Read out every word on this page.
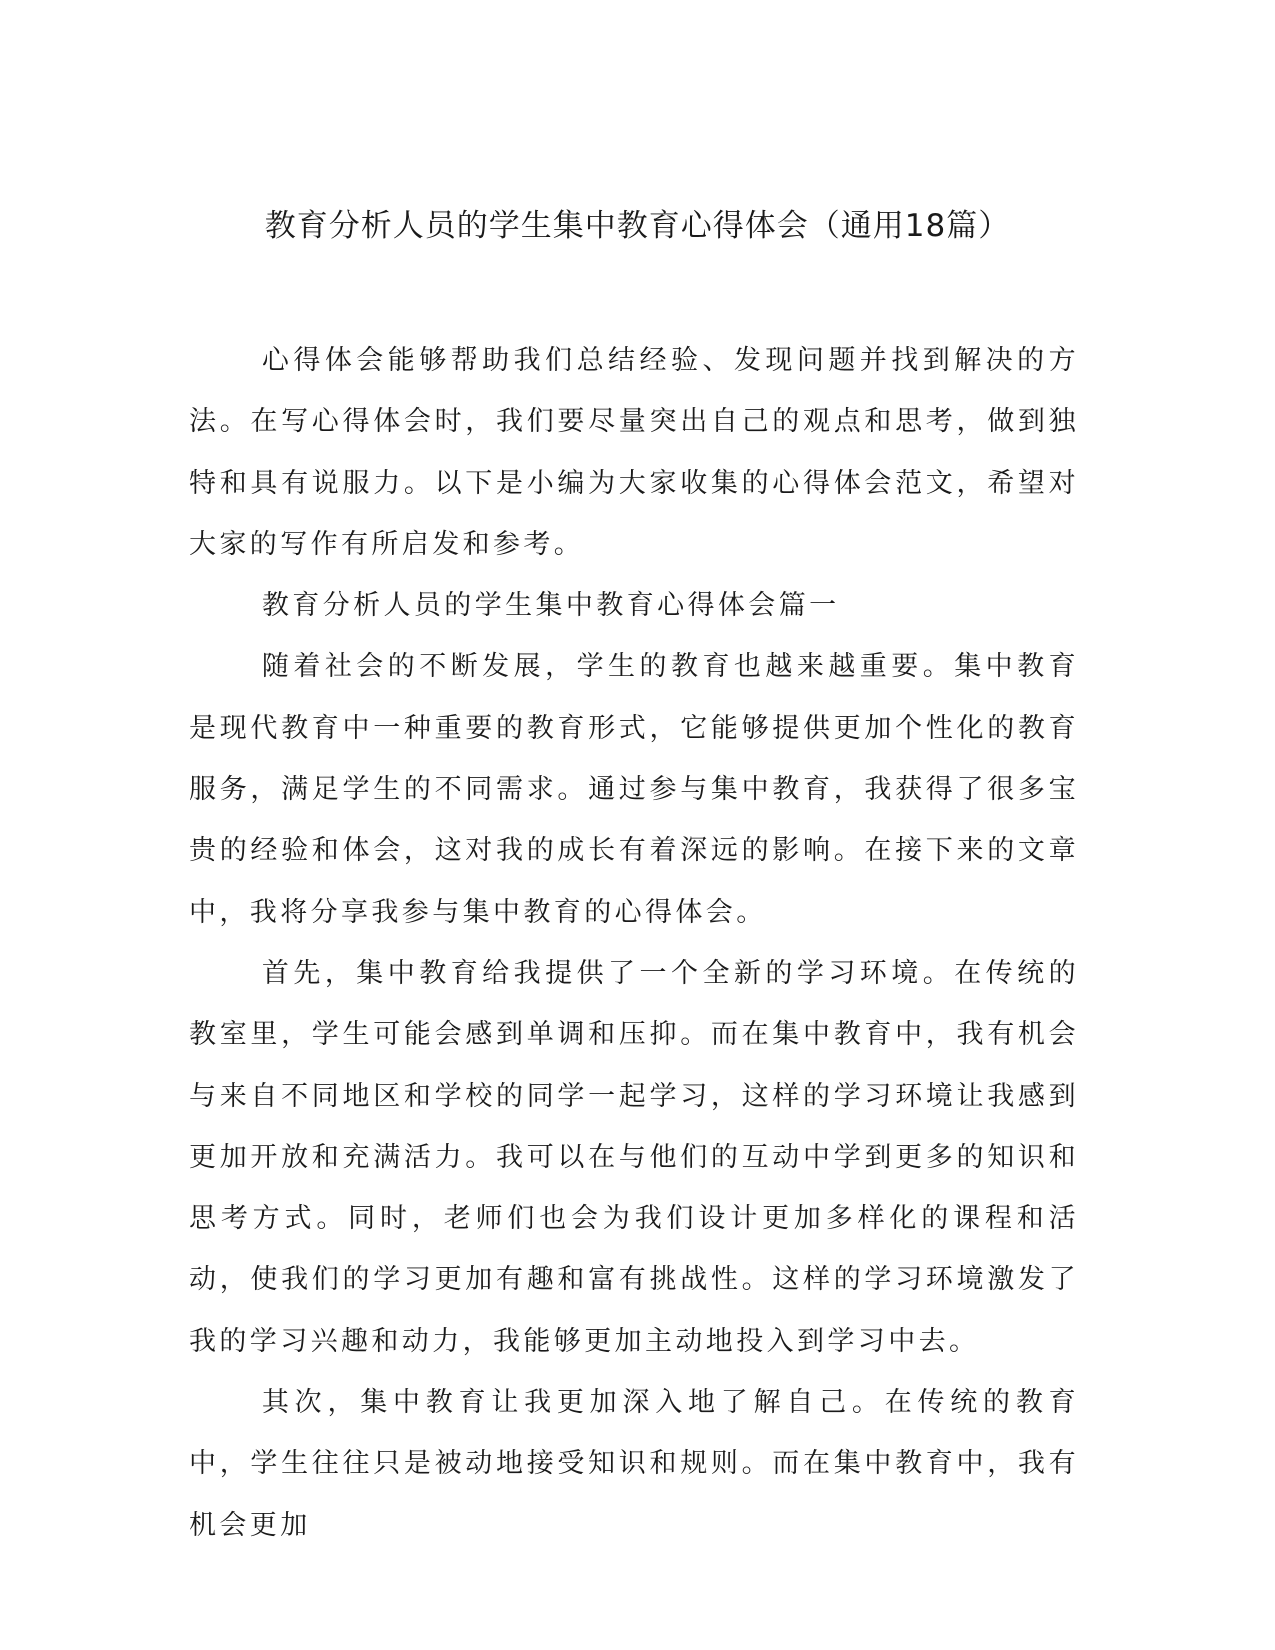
教育分析人员的学生集中教育心得体会（通用18篇）

心得体会能够帮助我们总结经验、发现问题并找到解决的方法。在写心得体会时，我们要尽量突出自己的观点和思考，做到独特和具有说服力。以下是小编为大家收集的心得体会范文，希望对大家的写作有所启发和参考。

教育分析人员的学生集中教育心得体会篇一

随着社会的不断发展，学生的教育也越来越重要。集中教育是现代教育中一种重要的教育形式，它能够提供更加个性化的教育服务，满足学生的不同需求。通过参与集中教育，我获得了很多宝贵的经验和体会，这对我的成长有着深远的影响。在接下来的文章中，我将分享我参与集中教育的心得体会。

首先，集中教育给我提供了一个全新的学习环境。在传统的教室里，学生可能会感到单调和压抑。而在集中教育中，我有机会与来自不同地区和学校的同学一起学习，这样的学习环境让我感到更加开放和充满活力。我可以在与他们的互动中学到更多的知识和思考方式。同时，老师们也会为我们设计更加多样化的课程和活动，使我们的学习更加有趣和富有挑战性。这样的学习环境激发了我的学习兴趣和动力，我能够更加主动地投入到学习中去。

其次，集中教育让我更加深入地了解自己。在传统的教育中，学生往往只是被动地接受知识和规则。而在集中教育中，我有机会更加
